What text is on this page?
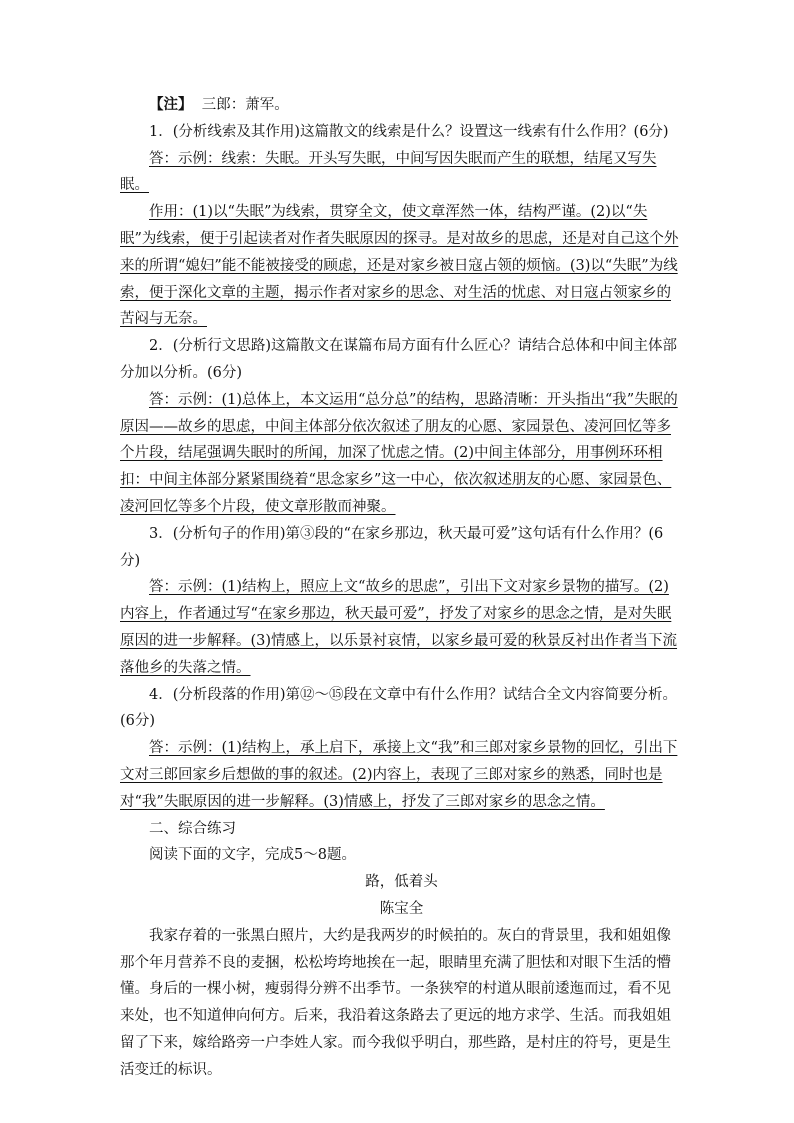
【注】 三郎：萧军。

1．(分析线索及其作用)这篇散文的线索是什么？设置这一线索有什么作用？(6分)

答：示例：线索：失眠。开头写失眠，中间写因失眠而产生的联想，结尾又写失眠。

作用：(1)以“失眠”为线索，贯穿全文，使文章浑然一体，结构严谨。(2)以“失眠”为线索，便于引起读者对作者失眠原因的探寻。是对故乡的思虑，还是对自己这个外来的所谓“媳妇”能不能被接受的顾虑，还是对家乡被日寇占领的烦恼。(3)以“失眠”为线索，便于深化文章的主题，揭示作者对家乡的思念、对生活的忧虑、对日寇占领家乡的苦闷与无奈。

2．(分析行文思路)这篇散文在谋篇布局方面有什么匠心？请结合总体和中间主体部分加以分析。(6分)

答：示例：(1)总体上，本文运用“总分总”的结构，思路清晰：开头指出“我”失眠的原因——故乡的思虑，中间主体部分依次叙述了朋友的心愿、家园景色、凌河回忆等多个片段，结尾强调失眠时的所闻，加深了忧虑之情。(2)中间主体部分，用事例环环相扣：中间主体部分紧紧围绕着“思念家乡”这一中心，依次叙述朋友的心愿、家园景色、凌河回忆等多个片段，使文章形散而神聚。

3．(分析句子的作用)第③段的“在家乡那边，秋天最可爱”这句话有什么作用？(6分)

答：示例：(1)结构上，照应上文“故乡的思虑”，引出下文对家乡景物的描写。(2)内容上，作者通过写“在家乡那边，秋天最可爱”，抒发了对家乡的思念之情，是对失眠原因的进一步解释。(3)情感上，以乐景衬哀情，以家乡最可爱的秋景反衬出作者当下流落他乡的失落之情。

4．(分析段落的作用)第⑫～⑮段在文章中有什么作用？试结合全文内容简要分析。(6分)

答：示例：(1)结构上，承上启下，承接上文“我”和三郎对家乡景物的回忆，引出下文对三郎回家乡后想做的事的叙述。(2)内容上，表现了三郎对家乡的熟悉，同时也是对“我”失眠原因的进一步解释。(3)情感上，抒发了三郎对家乡的思念之情。

二、综合练习

阅读下面的文字，完成5～8题。

路，低着头

陈宝全

我家存着的一张黑白照片，大约是我两岁的时候拍的。灰白的背景里，我和姐姐像那个年月营养不良的麦捆，松松垮垮地挨在一起，眼睛里充满了胆怯和对眼下生活的懵懂。身后的一棵小树，瘦弱得分辨不出季节。一条狭窄的村道从眼前逶迤而过，看不见来处，也不知道伸向何方。后来，我沿着这条路去了更远的地方求学、生活。而我姐姐留了下来，嫁给路旁一户李姓人家。而今我似乎明白，那些路，是村庄的符号，更是生活变迁的标识。
